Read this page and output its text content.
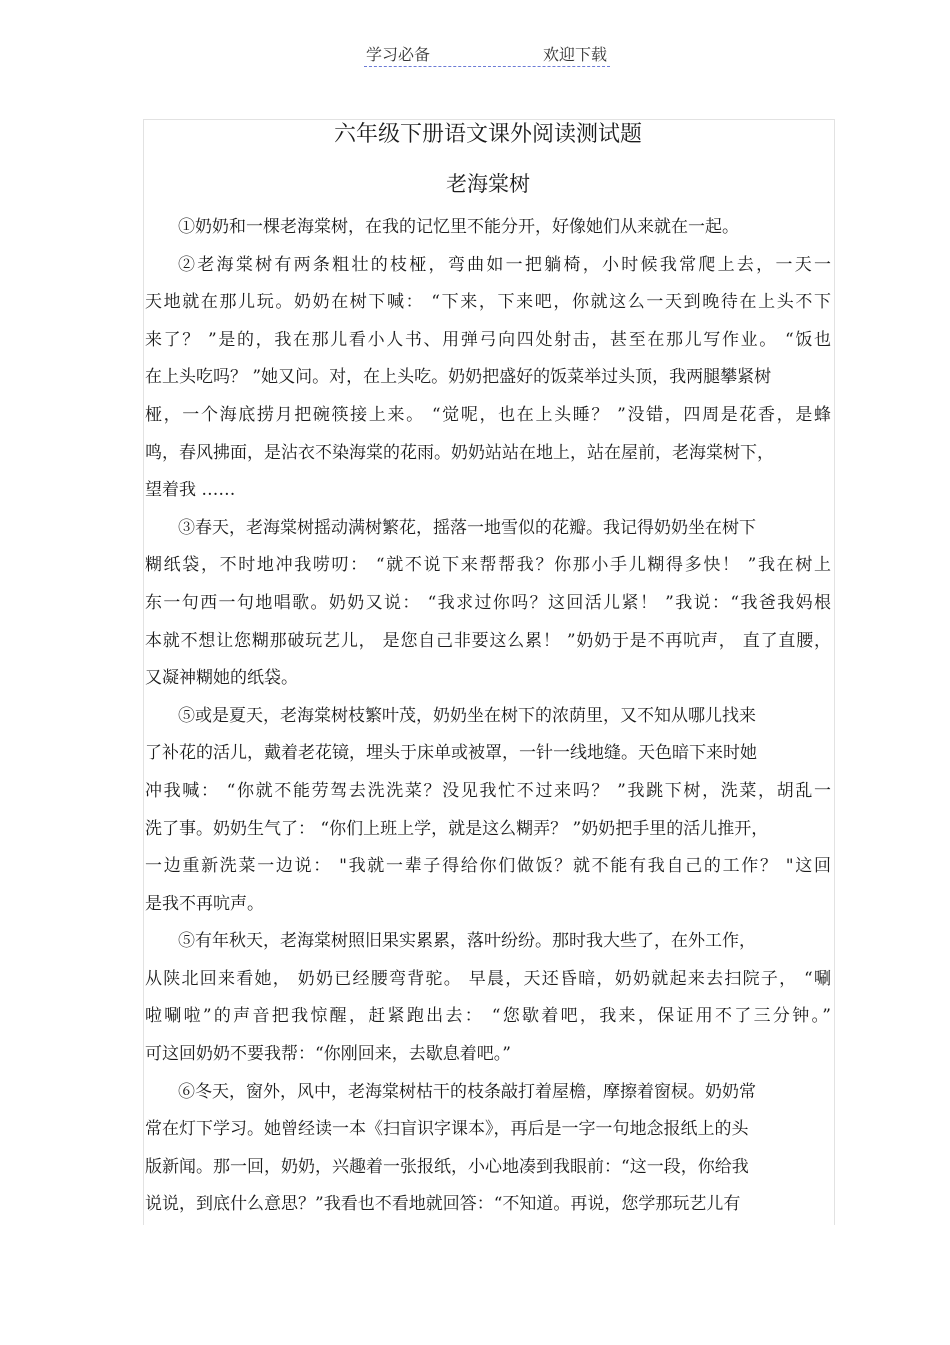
学习必备	欢迎下载
六年级下册语文课外阅读测试题
老海棠树
①奶奶和一棵老海棠树，在我的记忆里不能分开，好像她们从来就在一起。
②老海棠树有两条粗壮的枝桠，弯曲如一把躺椅，小时候我常爬上去，一天一
天地就在那儿玩。奶奶在树下喊： “下来，下来吧，你就这么一天到晚待在上头不下
来了？ ”是的，我在那儿看小人书、用弹弓向四处射击，甚至在那儿写作业。 “饭也
在上头吃吗？ ”她又问。对，在上头吃。奶奶把盛好的饭菜举过头顶，我两腿攀紧树
桠，一个海底捞月把碗筷接上来。 “觉呢，也在上头睡？ ”没错，四周是花香，是蜂
鸣，春风拂面，是沾衣不染海棠的花雨。奶奶站站在地上，站在屋前，老海棠树下，
望着我 ……
③春天，老海棠树摇动满树繁花，摇落一地雪似的花瓣。我记得奶奶坐在树下
糊纸袋，不时地冲我唠叨： “就不说下来帮帮我？你那小手儿糊得多快！ ”我在树上
东一句西一句地唱歌。奶奶又说： “我求过你吗？这回活儿紧！ ”我说：“我爸我妈根
本就不想让您糊那破玩艺儿， 是您自己非要这么累！ ”奶奶于是不再吭声， 直了直腰，
又凝神糊她的纸袋。
⑤或是夏天，老海棠树枝繁叶茂，奶奶坐在树下的浓荫里，又不知从哪儿找来
了补花的活儿，戴着老花镜，埋头于床单或被罩，一针一线地缝。天色暗下来时她
冲我喊： “你就不能劳驾去洗洗菜？没见我忙不过来吗？ ”我跳下树，洗菜，胡乱一
洗了事。奶奶生气了： “你们上班上学，就是这么糊弄？ ”奶奶把手里的活儿推开，
一边重新洗菜一边说： "我就一辈子得给你们做饭？就不能有我自己的工作？ "这回
是我不再吭声。
⑤有年秋天，老海棠树照旧果实累累，落叶纷纷。那时我大些了，在外工作，
从陕北回来看她， 奶奶已经腰弯背驼。 早晨，天还昏暗，奶奶就起来去扫院子， “唰
啦唰啦”的声音把我惊醒，赶紧跑出去： “您歇着吧，我来，保证用不了三分钟。”
可这回奶奶不要我帮：“你刚回来，去歇息着吧。”
⑥冬天，窗外，风中，老海棠树枯干的枝条敲打着屋檐，摩擦着窗棂。奶奶常
常在灯下学习。她曾经读一本《扫盲识字课本》，再后是一字一句地念报纸上的头
版新闻。那一回，奶奶，兴趣着一张报纸，小心地凑到我眼前：“这一段，你给我
说说，到底什么意思？”我看也不看地就回答：“不知道。再说，您学那玩艺儿有
